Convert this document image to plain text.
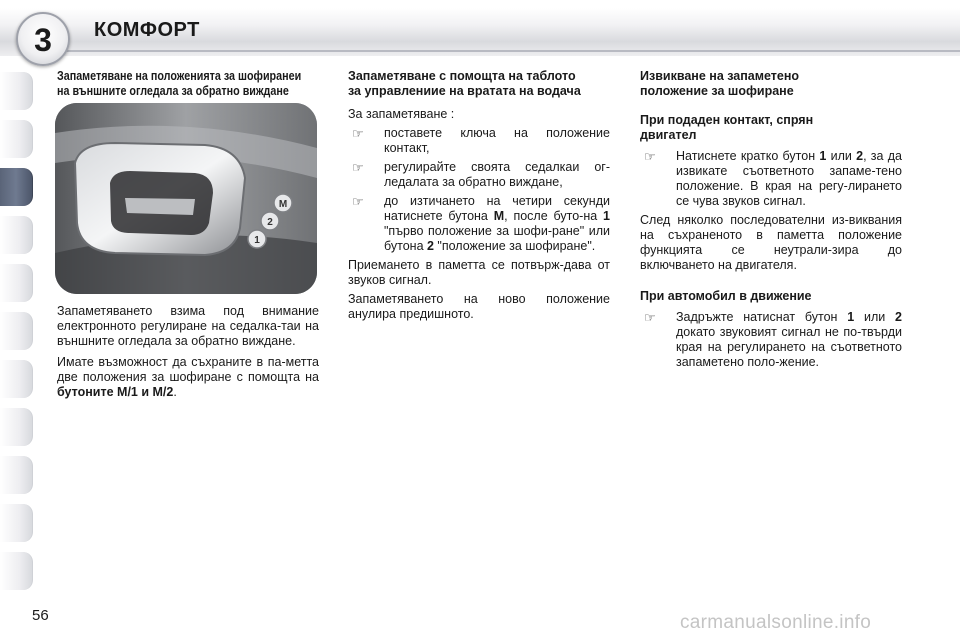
3 КОМФОРТ
Запаметяване на положенията за шофиранеи
на външните огледала за обратно виждане
M
2
1

Запаметяването взима под внимание електронното регулиране на седалка-таи на външните огледала за обратно виждане.

Имате възможност да съхраните в па-метта две положения за шофиране с помощта на бутоните М/1 и М/2.

Запаметяване с помощта на таблото
за управлениие на вратата на водача

За запаметяване :

☞ поставете ключа на положение контакт,
☞ регулирайте своята седалкаи ог-ледалата за обратно виждане,
☞ до изтичането на четири секунди натиснете бутона M, после буто-на 1 "първо положение за шофи-ране" или бутона 2 "положение за шофиране".

Приемането в паметта се потвърж-дава от звуков сигнал.

Запаметяването на ново положение анулира предишното.

Извикване на запаметено
положение за шофиране
При подаден контакт, спрян
двигател
☞ Натиснете кратко бутон 1 или 2, за да извикате съответното запаме-тено положение. В края на регу-лирането се чува звуков сигнал.

След няколко последователни из-виквания на съхраненото в паметта положение функцията се неутрали-зира до включването на двигателя.

При автомобил в движение
☞ Задръжте натиснат бутон 1 или 2 докато звуковият сигнал не по-твърди края на регулирането на съответното запаметено поло-жение.
56	carmanualsonline.info
